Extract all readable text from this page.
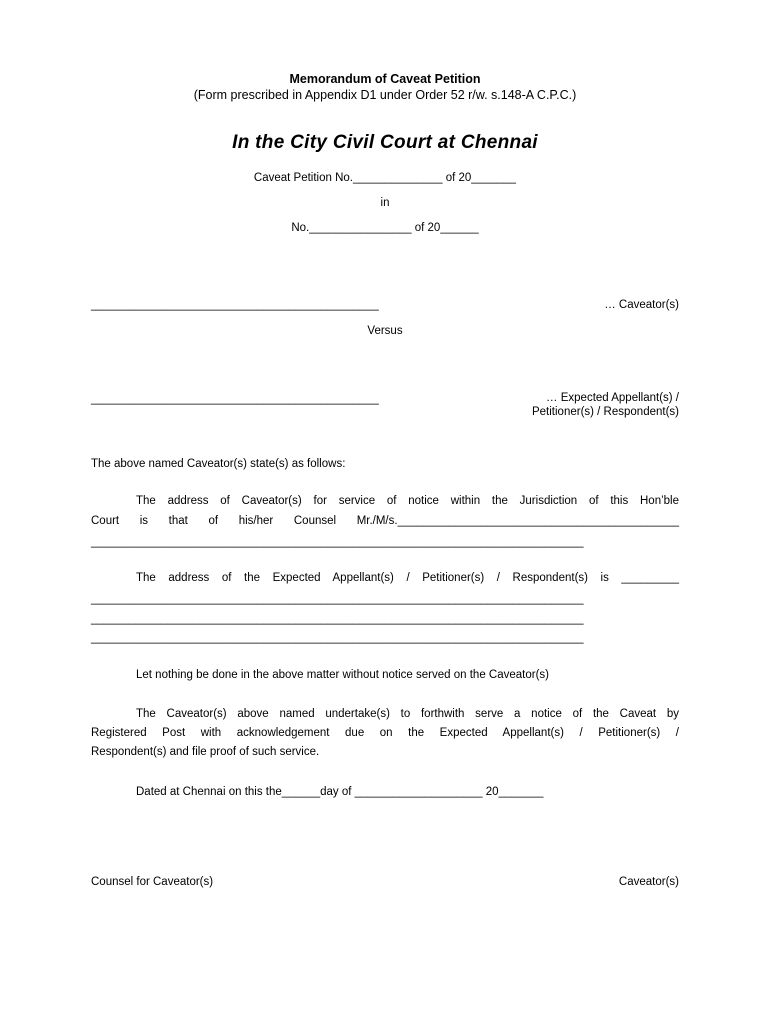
Memorandum of Caveat Petition
(Form prescribed in Appendix D1 under Order 52 r/w. s.148-A C.P.C.)
In the City Civil Court at Chennai
Caveat Petition No.______________ of 20_______
in
No.________________ of 20______
_____________________________________________	… Caveator(s)
Versus
_____________________________________________	… Expected Appellant(s) /
Petitioner(s) / Respondent(s)
The above named Caveator(s) state(s) as follows:
The address of Caveator(s) for service of notice within the Jurisdiction of this Hon’ble
Court is that of his/her Counsel Mr./M/s.____________________________________________
_____________________________________________________________________________
The address of the Expected Appellant(s) / Petitioner(s) / Respondent(s) is _________
_____________________________________________________________________________
_____________________________________________________________________________
_____________________________________________________________________________
Let nothing be done in the above matter without notice served on the Caveator(s)
The Caveator(s) above named undertake(s) to forthwith serve a notice of the Caveat by
Registered Post with acknowledgement due on the Expected Appellant(s) / Petitioner(s) /
Respondent(s) and file proof of such service.
Dated at Chennai on this the______day of ____________________ 20_______
Counsel for Caveator(s)	Caveator(s)
